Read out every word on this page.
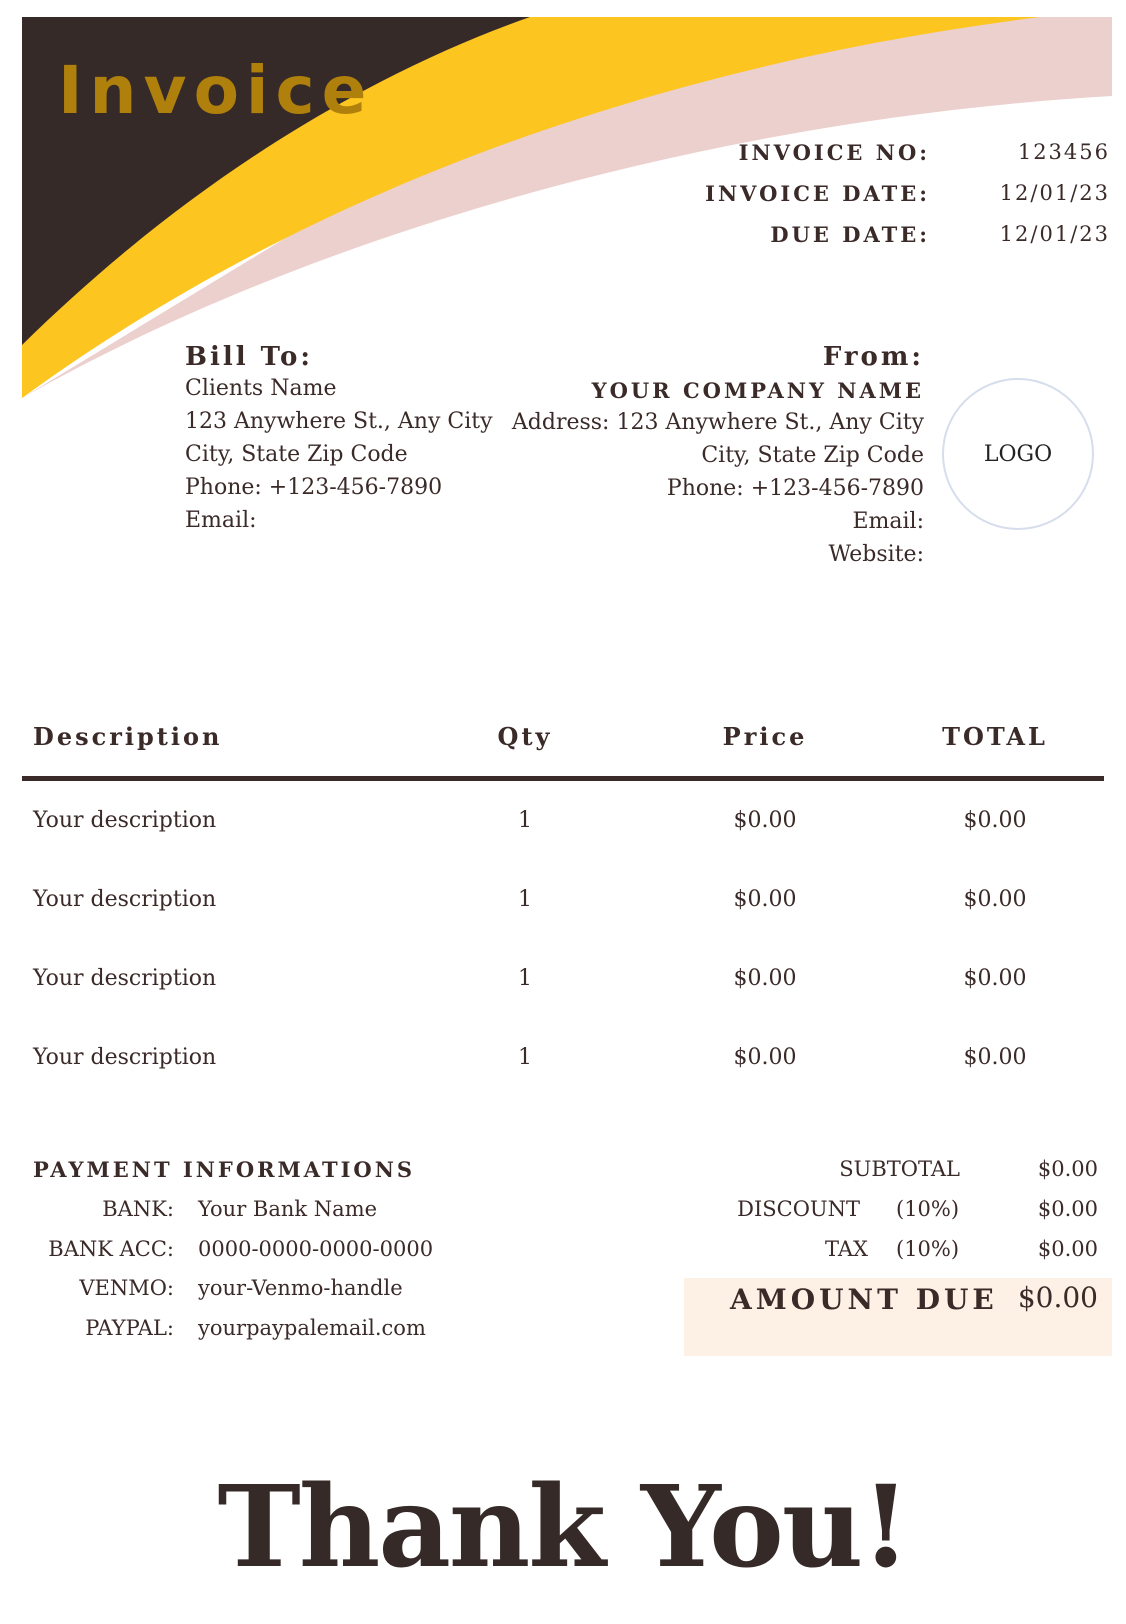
Invoice
INVOICE NO:	123456
INVOICE DATE:	12/01/23
DUE DATE:	12/01/23
Bill To:
Clients Name
123 Anywhere St., Any City
City, State Zip Code
Phone: +123-456-7890
Email:
From:
YOUR COMPANY NAME
Address: 123 Anywhere St., Any City
City, State Zip Code
Phone: +123-456-7890
Email:
Website:
LOGO
Description	Qty	Price	TOTAL
Your description	1	$0.00	$0.00
Your description	1	$0.00	$0.00
Your description	1	$0.00	$0.00
Your description	1	$0.00	$0.00
PAYMENT INFORMATIONS
BANK: Your Bank Name
BANK ACC: 0000-0000-0000-0000
VENMO: your-Venmo-handle
PAYPAL: yourpaypalemail.com
SUBTOTAL	$0.00
DISCOUNT (10%)	$0.00
TAX (10%)	$0.00
AMOUNT DUE $0.00
Thank You!
